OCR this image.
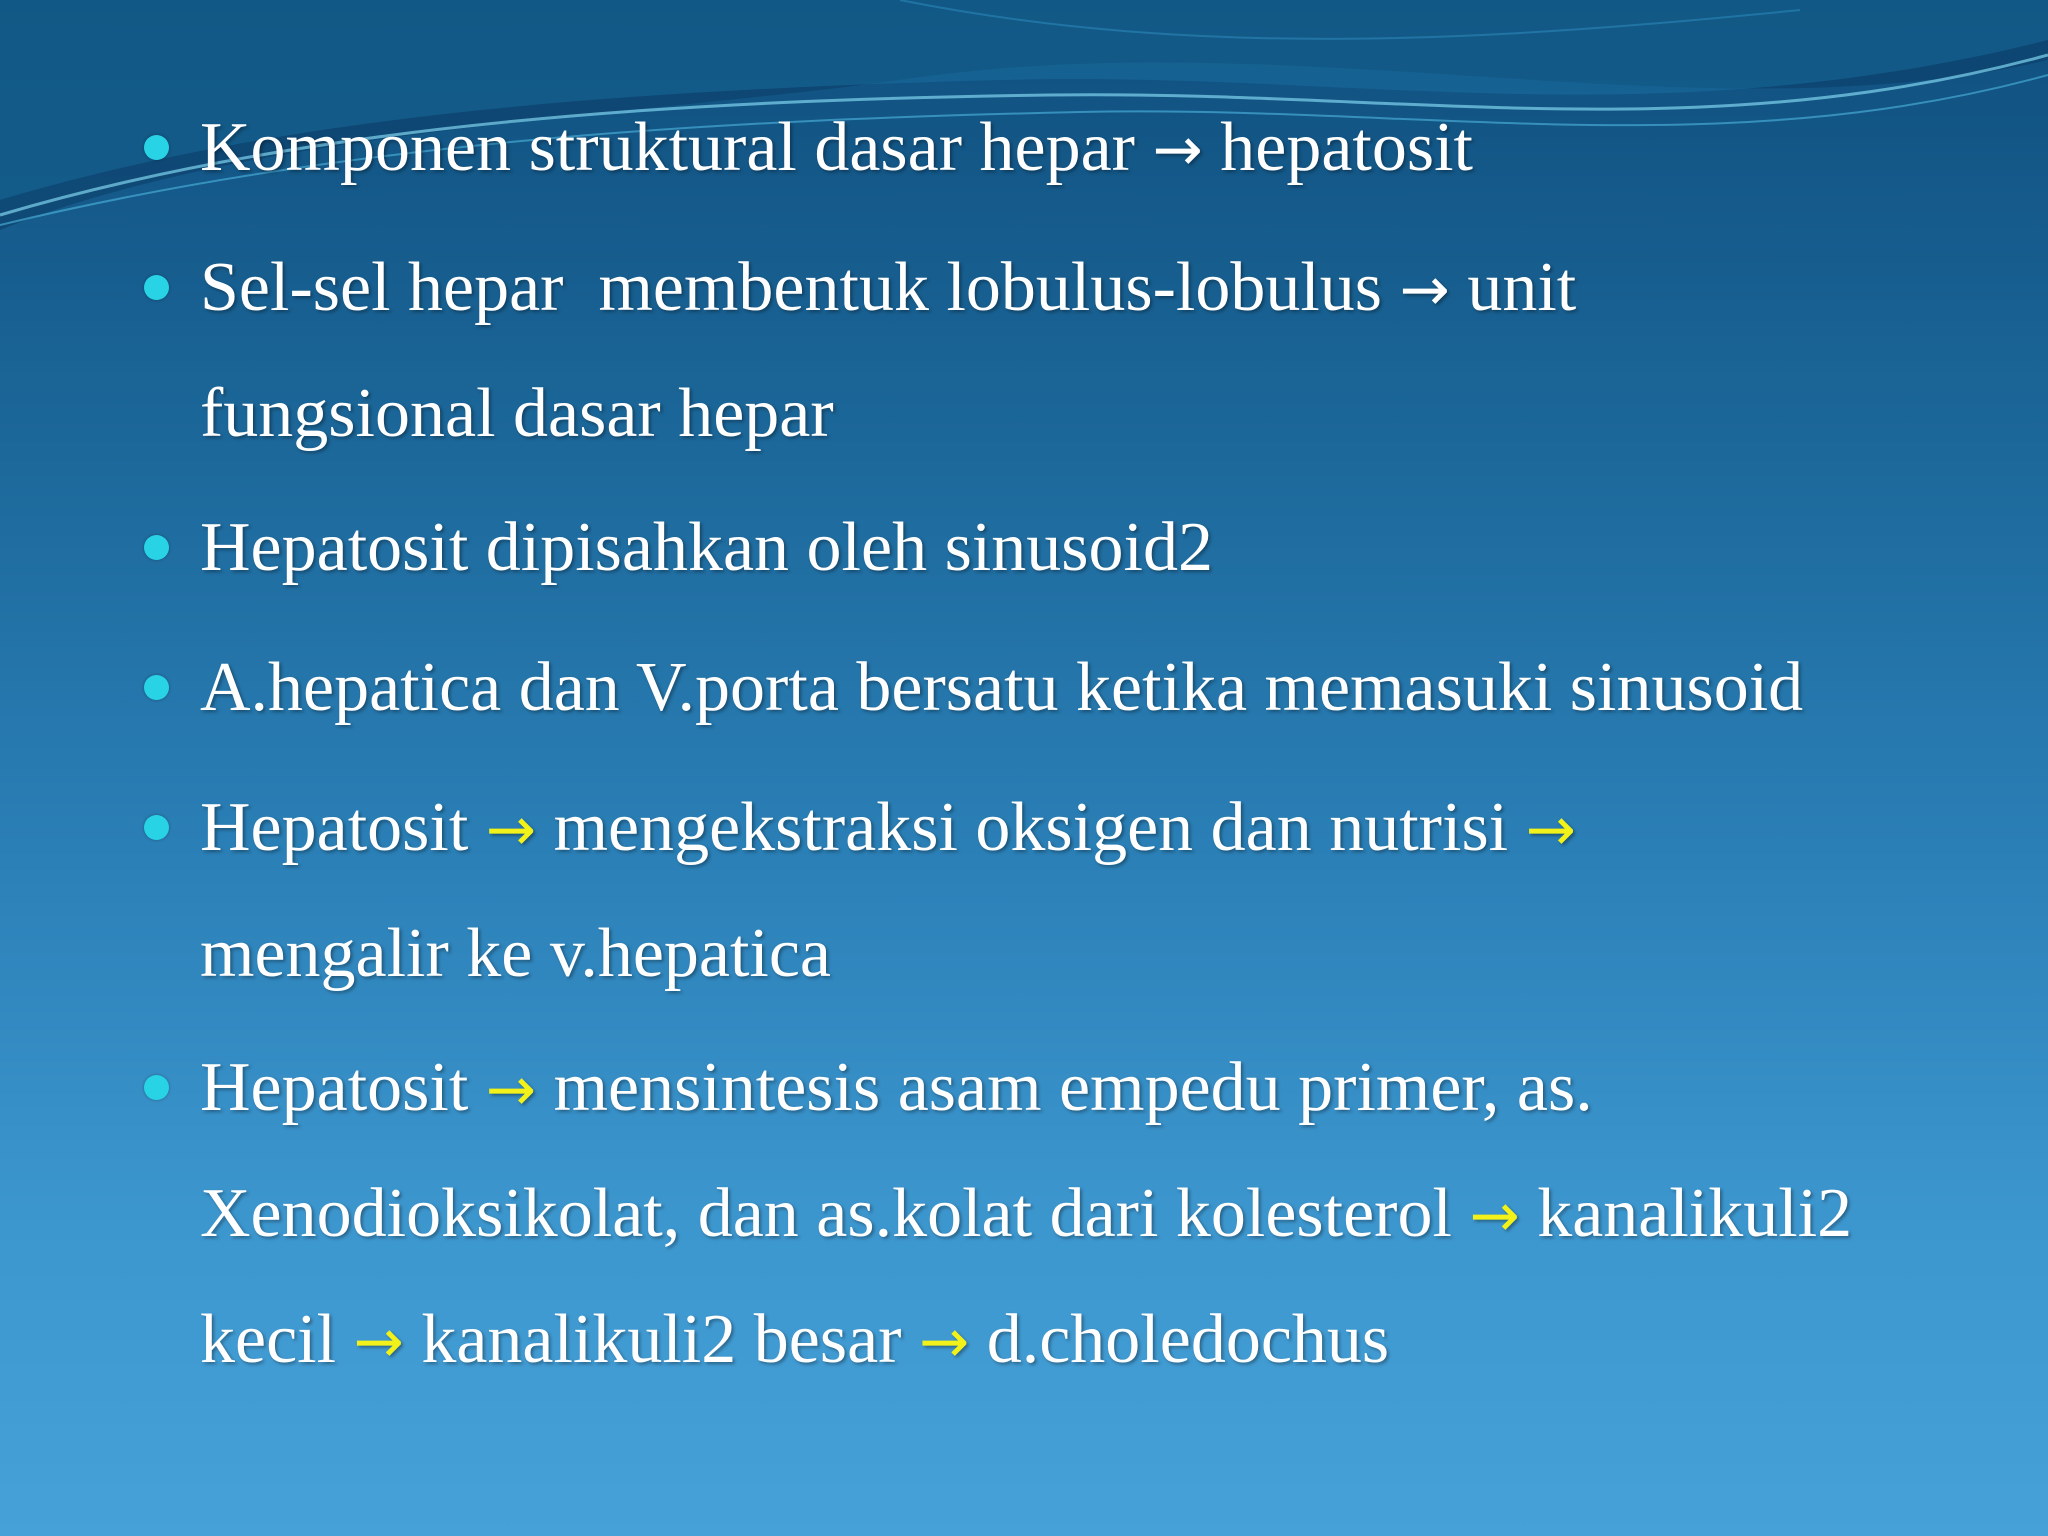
Komponen struktural dasar hepar → hepatosit
Sel-sel hepar  membentuk lobulus-lobulus → unit
fungsional dasar hepar
Hepatosit dipisahkan oleh sinusoid2
A.hepatica dan V.porta bersatu ketika memasuki sinusoid
Hepatosit → mengekstraksi oksigen dan nutrisi →
mengalir ke v.hepatica
Hepatosit → mensintesis asam empedu primer, as.
Xenodioksikolat, dan as.kolat dari kolesterol → kanalikuli2
kecil → kanalikuli2 besar → d.choledochus
